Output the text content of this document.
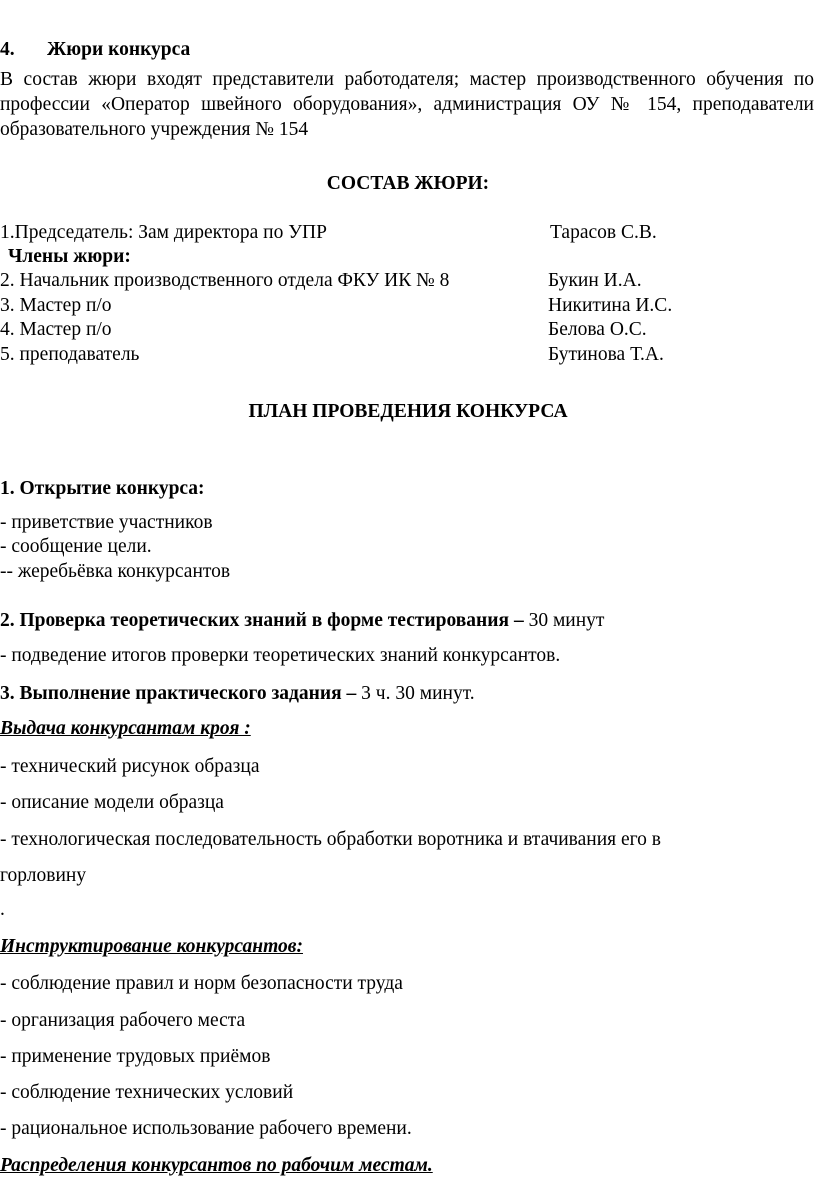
4. Жюри конкурса
В состав жюри входят представители работодателя; мастер производственного обучения по профессии «Оператор швейного оборудования», администрация ОУ № 154, преподаватели образовательного учреждения № 154
СОСТАВ ЖЮРИ:
1.Председатель: Зам директора по УПР	Тарасов С.В.
Члены жюри:
2. Начальник производственного отдела ФКУ ИК № 8	Букин И.А.
3. Мастер п/о	Никитина И.С.
4. Мастер п/о	Белова О.С.
5. преподаватель	Бутинова Т.А.
ПЛАН ПРОВЕДЕНИЯ КОНКУРСА
1. Открытие конкурса:
- приветствие участников
- сообщение цели.
-- жеребьёвка конкурсантов
2. Проверка теоретических знаний в форме тестирования – 30 минут
- подведение итогов проверки теоретических знаний конкурсантов.
3. Выполнение практического задания – 3 ч. 30 минут.
Выдача конкурсантам кроя :
- технический рисунок образца
- описание модели образца
- технологическая последовательность обработки воротника и втачивания его в
горловину
.
Инструктирование конкурсантов:
- соблюдение правил и норм безопасности труда
- организация рабочего места
- применение трудовых приёмов
- соблюдение технических условий
- рациональное использование рабочего времени.
Распределения конкурсантов по рабочим местам.
